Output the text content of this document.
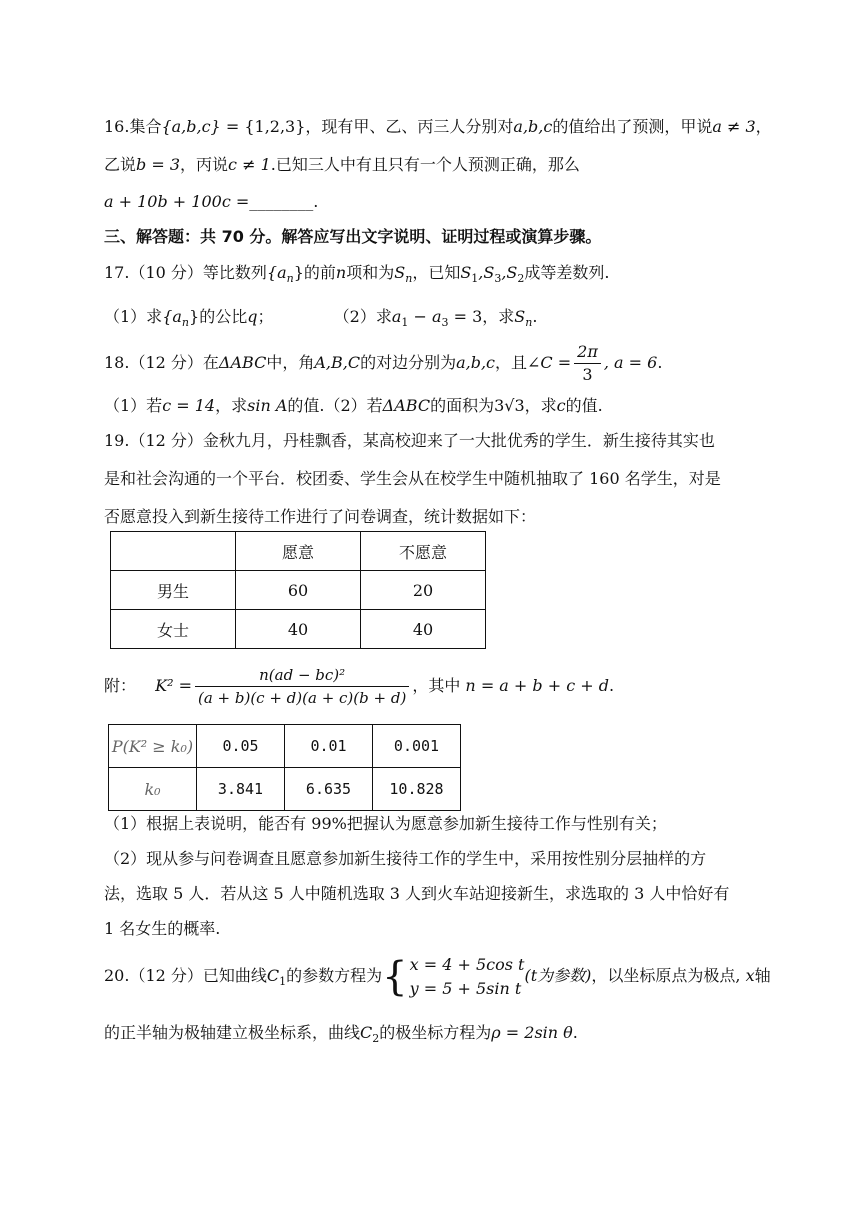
16.集合{a,b,c} = {1,2,3}，现有甲、乙、丙三人分别对a,b,c的值给出了预测，甲说a ≠ 3，
乙说b = 3，丙说c ≠ 1.已知三人中有且只有一个人预测正确，那么
a + 10b + 100c =________.
三、解答题：共 70 分。解答应写出文字说明、证明过程或演算步骤。
17.（10 分）等比数列$\{a_n\}$的前n项和为$S_n$，已知$S_1,S_3,S_2$成等差数列.
（1）求$\{a_n\}$的公比q；	（2）求$a_1 - a_3 = 3$，求$S_n$.
18.（12 分）在ΔABC中，角A,B,C的对边分别为a,b,c，且∠C = $\frac{2\pi}{3}$ , a = 6.
（1）若c = 14，求sin A的值.（2）若ΔABC的面积为3√3，求c的值.
19.（12 分）金秋九月，丹桂飘香，某高校迎来了一大批优秀的学生．新生接待其实也
是和社会沟通的一个平台．校团委、学生会从在校学生中随机抽取了 160 名学生，对是
否愿意投入到新生接待工作进行了问卷调查，统计数据如下：
	愿意	不愿意
男生	60	20
女士	40	40
附： $K^2 = \frac{\text{n(ad − bc)²}}{(a + b)(c + d)(a + c)(b + d)}$ ，其中 n = a + b + c + d.
P(K² ≥ k₀)	0.05	0.01	0.001
k₀	3.841	6.635	10.828
（1）根据上表说明，能否有 99%把握认为愿意参加新生接待工作与性别有关；
（2）现从参与问卷调查且愿意参加新生接待工作的学生中，采用按性别分层抽样的方
法，选取 5 人．若从这 5 人中随机选取 3 人到火车站迎接新生，求选取的 3 人中恰好有
1 名女生的概率.
20.（12 分）已知曲线$C_1$的参数方程为{ x = 4 + 5cos t
y = 5 + 5sin t
(t为参数)，以坐标原点为极点, x轴
的正半轴为极轴建立极坐标系，曲线$C_2$的极坐标方程为ρ = 2sin θ.
